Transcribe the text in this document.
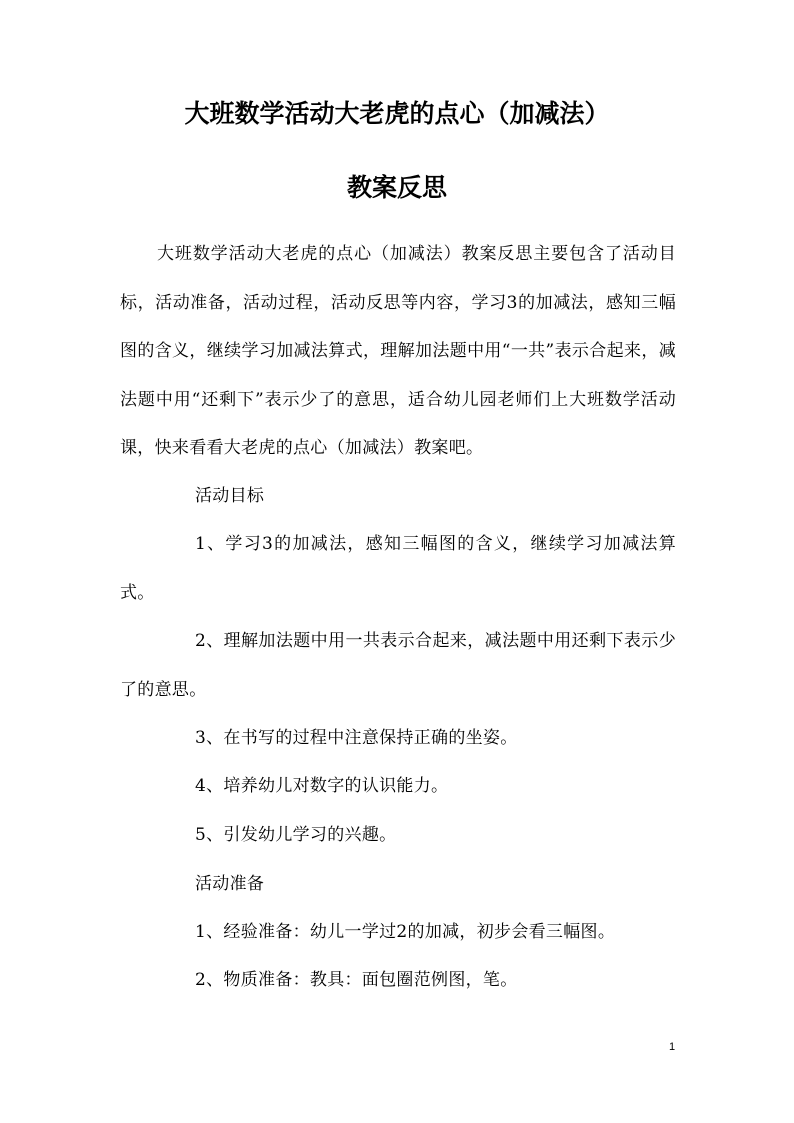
大班数学活动大老虎的点心（加减法）
教案反思

大班数学活动大老虎的点心（加减法）教案反思主要包含了活动目标，活动准备，活动过程，活动反思等内容，学习3的加减法，感知三幅图的含义，继续学习加减法算式，理解加法题中用“一共”表示合起来，减法题中用“还剩下”表示少了的意思，适合幼儿园老师们上大班数学活动课，快来看看大老虎的点心（加减法）教案吧。

活动目标

1、学习3的加减法，感知三幅图的含义，继续学习加减法算式。

2、理解加法题中用一共表示合起来，减法题中用还剩下表示少了的意思。

3、在书写的过程中注意保持正确的坐姿。

4、培养幼儿对数字的认识能力。

5、引发幼儿学习的兴趣。

活动准备

1、经验准备：幼儿一学过2的加减，初步会看三幅图。

2、物质准备：教具：面包圈范例图，笔。

1
